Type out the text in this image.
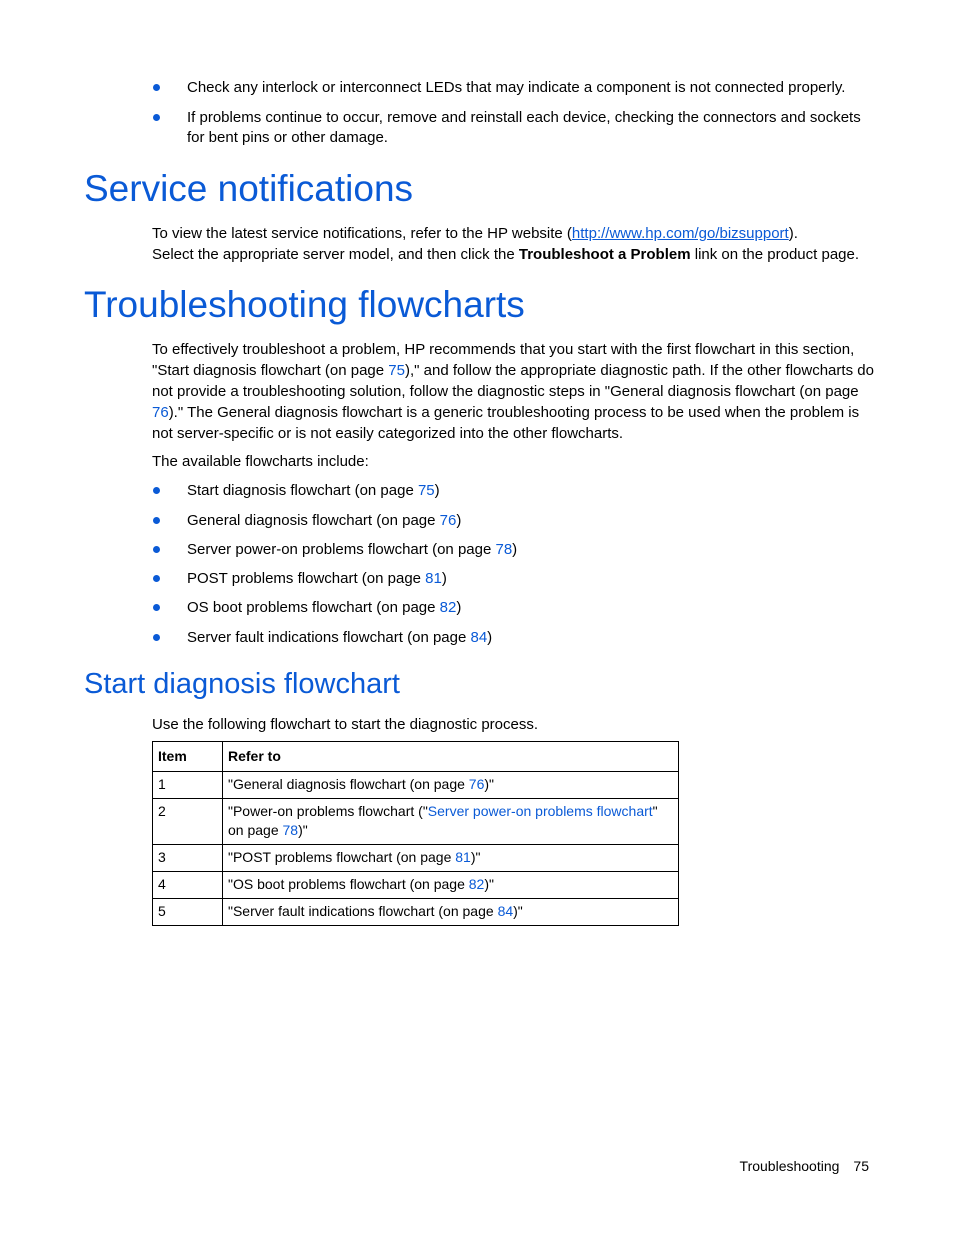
Check any interlock or interconnect LEDs that may indicate a component is not connected properly.
If problems continue to occur, remove and reinstall each device, checking the connectors and sockets for bent pins or other damage.
Service notifications
To view the latest service notifications, refer to the HP website (http://www.hp.com/go/bizsupport).
Select the appropriate server model, and then click the Troubleshoot a Problem link on the product page.
Troubleshooting flowcharts
To effectively troubleshoot a problem, HP recommends that you start with the first flowchart in this section, "Start diagnosis flowchart (on page 75)," and follow the appropriate diagnostic path. If the other flowcharts do not provide a troubleshooting solution, follow the diagnostic steps in "General diagnosis flowchart (on page 76)." The General diagnosis flowchart is a generic troubleshooting process to be used when the problem is not server-specific or is not easily categorized into the other flowcharts.
The available flowcharts include:
Start diagnosis flowchart (on page 75)
General diagnosis flowchart (on page 76)
Server power-on problems flowchart (on page 78)
POST problems flowchart (on page 81)
OS boot problems flowchart (on page 82)
Server fault indications flowchart (on page 84)
Start diagnosis flowchart
Use the following flowchart to start the diagnostic process.
Item	Refer to
1	"General diagnosis flowchart (on page 76)"
2	"Power-on problems flowchart ("Server power-on problems flowchart" on page 78)"
3	"POST problems flowchart (on page 81)"
4	"OS boot problems flowchart (on page 82)"
5	"Server fault indications flowchart (on page 84)"
Troubleshooting 75
